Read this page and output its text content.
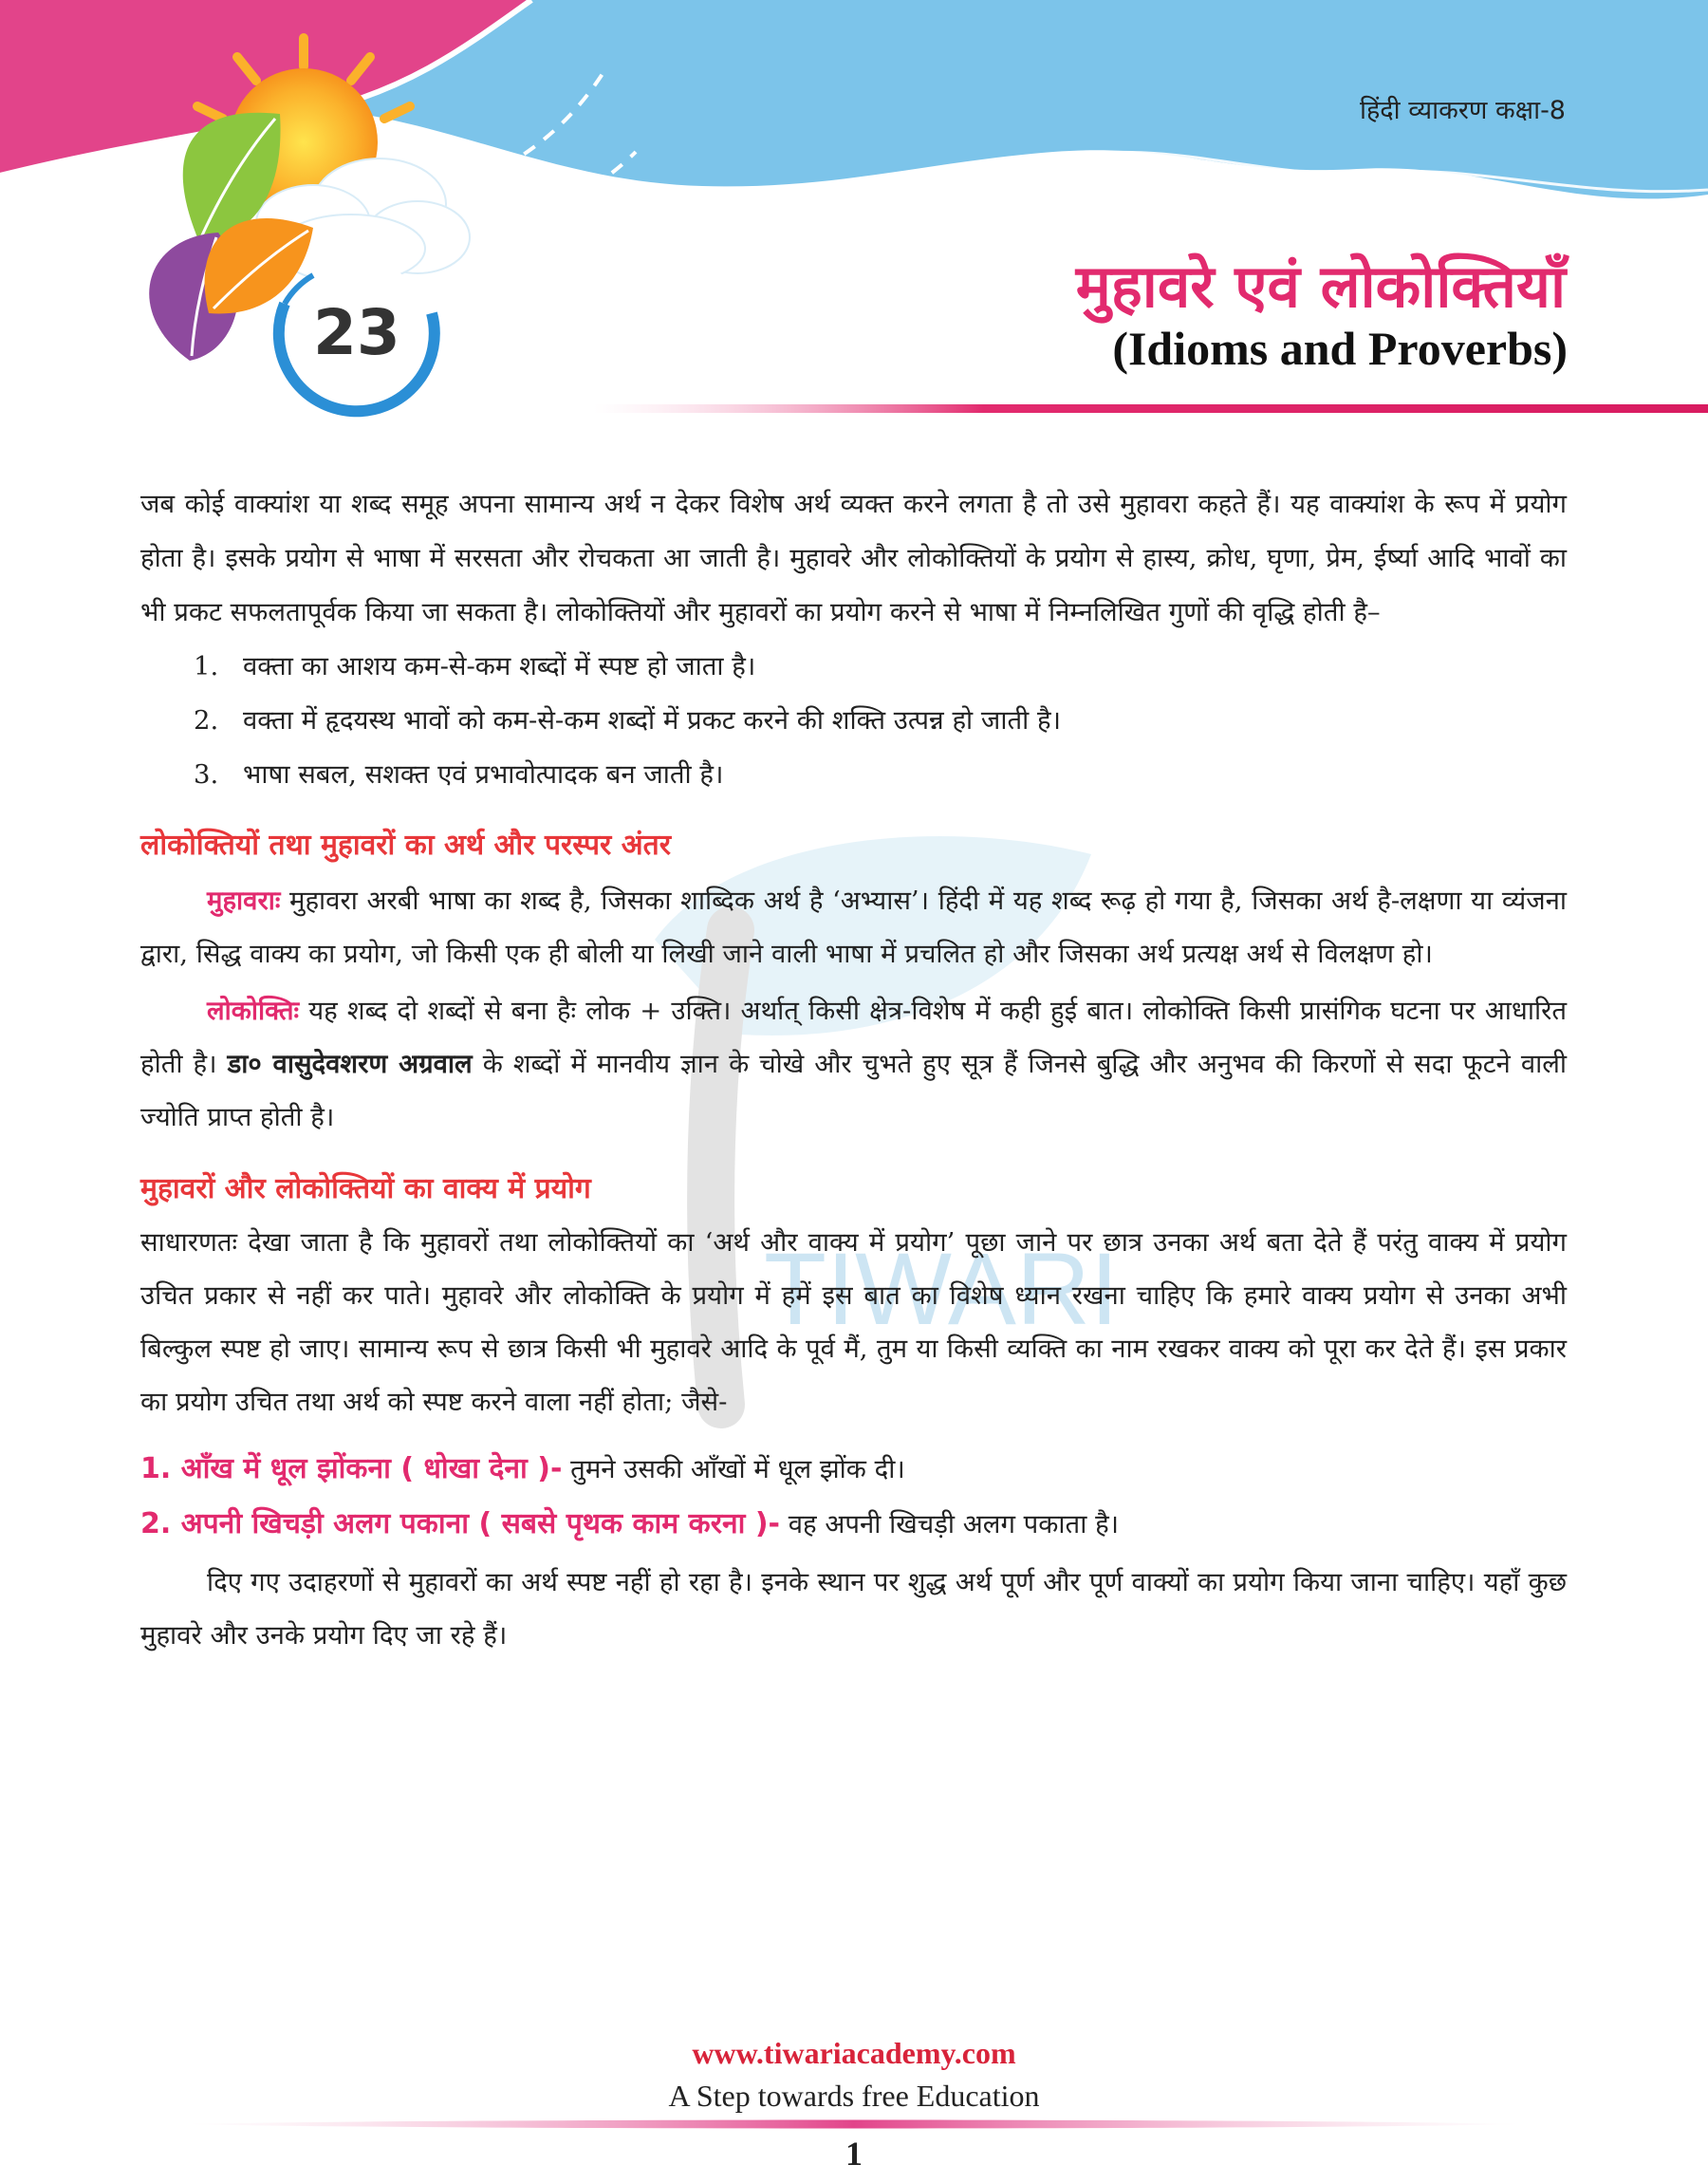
हिंदी व्याकरण कक्षा-8
23
मुहावरे एवं लोकोक्तियाँ
(Idioms and Proverbs)
TIWARI

जब कोई वाक्यांश या शब्द समूह अपना सामान्य अर्थ न देकर विशेष अर्थ व्यक्त करने लगता है तो उसे मुहावरा कहते हैं। यह वाक्यांश के रूप में प्रयोग होता है। इसके प्रयोग से भाषा में सरसता और रोचकता आ जाती है। मुहावरे और लोकोक्तियों के प्रयोग से हास्य, क्रोध, घृणा, प्रेम, ईर्ष्या आदि भावों का भी प्रकट सफलतापूर्वक किया जा सकता है। लोकोक्तियों और मुहावरों का प्रयोग करने से भाषा में निम्नलिखित गुणों की वृद्धि होती है–

1. वक्ता का आशय कम-से-कम शब्दों में स्पष्ट हो जाता है।
2. वक्ता में हृदयस्थ भावों को कम-से-कम शब्दों में प्रकट करने की शक्ति उत्पन्न हो जाती है।
3. भाषा सबल, सशक्त एवं प्रभावोत्पादक बन जाती है।
लोकोक्तियों तथा मुहावरों का अर्थ और परस्पर अंतर

मुहावराः मुहावरा अरबी भाषा का शब्द है, जिसका शाब्दिक अर्थ है ‘अभ्यास’। हिंदी में यह शब्द रूढ़ हो गया है, जिसका अर्थ है-लक्षणा या व्यंजना द्वारा, सिद्ध वाक्य का प्रयोग, जो किसी एक ही बोली या लिखी जाने वाली भाषा में प्रचलित हो और जिसका अर्थ प्रत्यक्ष अर्थ से विलक्षण हो।

लोकोक्तिः यह शब्द दो शब्दों से बना हैः लोक + उक्ति। अर्थात् किसी क्षेत्र-विशेष में कही हुई बात। लोकोक्ति किसी प्रासंगिक घटना पर आधारित होती है। डा० वासुदेवशरण अग्रवाल के शब्दों में मानवीय ज्ञान के चोखे और चुभते हुए सूत्र हैं जिनसे बुद्धि और अनुभव की किरणों से सदा फूटने वाली ज्योति प्राप्त होती है।

मुहावरों और लोकोक्तियों का वाक्य में प्रयोग

साधारणतः देखा जाता है कि मुहावरों तथा लोकोक्तियों का ‘अर्थ और वाक्य में प्रयोग’ पूछा जाने पर छात्र उनका अर्थ बता देते हैं परंतु वाक्य में प्रयोग उचित प्रकार से नहीं कर पाते। मुहावरे और लोकोक्ति के प्रयोग में हमें इस बात का विशेष ध्यान रखना चाहिए कि हमारे वाक्य प्रयोग से उनका अभी बिल्कुल स्पष्ट हो जाए। सामान्य रूप से छात्र किसी भी मुहावरे आदि के पूर्व मैं, तुम या किसी व्यक्ति का नाम रखकर वाक्य को पूरा कर देते हैं। इस प्रकार का प्रयोग उचित तथा अर्थ को स्पष्ट करने वाला नहीं होता; जैसे-

1. आँख में धूल झोंकना ( धोखा देना )- तुमने उसकी आँखों में धूल झोंक दी।
2. अपनी खिचड़ी अलग पकाना ( सबसे पृथक काम करना )- वह अपनी खिचड़ी अलग पकाता है।

दिए गए उदाहरणों से मुहावरों का अर्थ स्पष्ट नहीं हो रहा है। इनके स्थान पर शुद्ध अर्थ पूर्ण और पूर्ण वाक्यों का प्रयोग किया जाना चाहिए। यहाँ कुछ मुहावरे और उनके प्रयोग दिए जा रहे हैं।

www.tiwariacademy.com
A Step towards free Education
1
